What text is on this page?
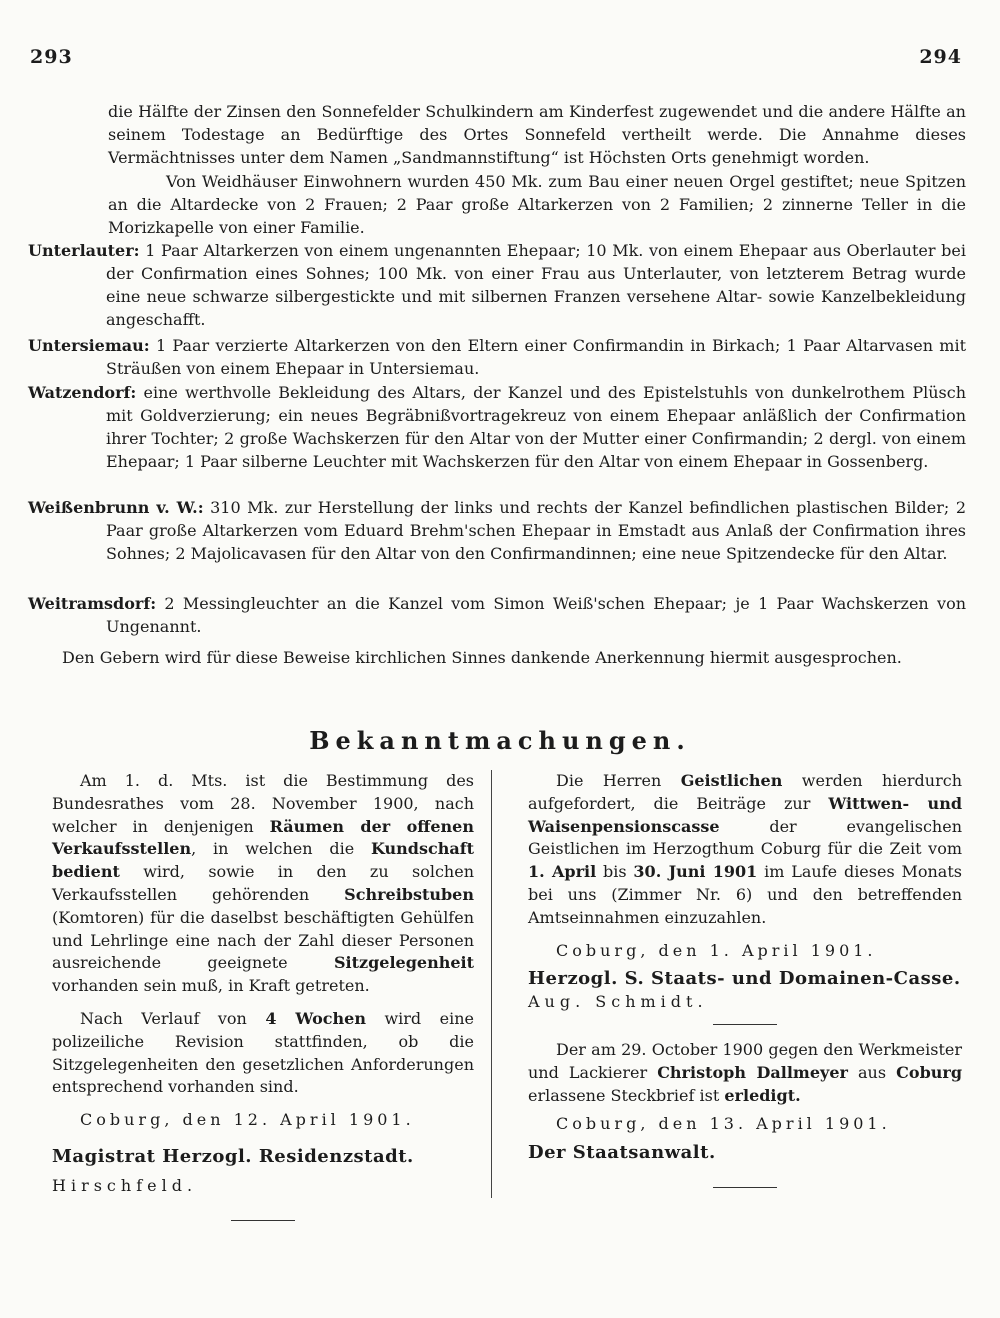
293	294

die Hälfte der Zinsen den Sonnefelder Schulkindern am Kinderfest zugewendet und die andere Hälfte an seinem Todestage an Bedürftige des Ortes Sonnefeld vertheilt werde. Die Annahme dieses Vermächtnisses unter dem Namen „Sandmannstiftung“ ist Höchsten Orts genehmigt worden.

Von Weidhäuser Einwohnern wurden 450 Mk. zum Bau einer neuen Orgel gestiftet; neue Spitzen an die Altardecke von 2 Frauen; 2 Paar große Altarkerzen von 2 Familien; 2 zinnerne Teller in die Morizkapelle von einer Familie.

Unterlauter: 1 Paar Altarkerzen von einem ungenannten Ehepaar; 10 Mk. von einem Ehepaar aus Oberlauter bei der Confirmation eines Sohnes; 100 Mk. von einer Frau aus Unterlauter, von letzterem Betrag wurde eine neue schwarze silbergestickte und mit silbernen Franzen versehene Altar- sowie Kanzelbekleidung angeschafft.

Untersiemau: 1 Paar verzierte Altarkerzen von den Eltern einer Confirmandin in Birkach; 1 Paar Altarvasen mit Sträußen von einem Ehepaar in Untersiemau.

Watzendorf: eine werthvolle Bekleidung des Altars, der Kanzel und des Epistelstuhls von dunkelrothem Plüsch mit Goldverzierung; ein neues Begräbnißvortragekreuz von einem Ehepaar anläßlich der Confirmation ihrer Tochter; 2 große Wachskerzen für den Altar von der Mutter einer Confirmandin; 2 dergl. von einem Ehepaar; 1 Paar silberne Leuchter mit Wachskerzen für den Altar von einem Ehepaar in Gossenberg.

Weißenbrunn v. W.: 310 Mk. zur Herstellung der links und rechts der Kanzel befindlichen plastischen Bilder; 2 Paar große Altarkerzen vom Eduard Brehm'schen Ehepaar in Emstadt aus Anlaß der Confirmation ihres Sohnes; 2 Majolicavasen für den Altar von den Confirmandinnen; eine neue Spitzendecke für den Altar.

Weitramsdorf: 2 Messingleuchter an die Kanzel vom Simon Weiß'schen Ehepaar; je 1 Paar Wachskerzen von Ungenannt.

Den Gebern wird für diese Beweise kirchlichen Sinnes dankende Anerkennung hiermit ausgesprochen.

Bekanntmachungen.

Am 1. d. Mts. ist die Bestimmung des Bundesrathes vom 28. November 1900, nach welcher in denjenigen Räumen der offenen Verkaufsstellen, in welchen die Kundschaft bedient wird, sowie in den zu solchen Verkaufsstellen gehörenden Schreibstuben (Komtoren) für die daselbst beschäftigten Gehülfen und Lehrlinge eine nach der Zahl dieser Personen ausreichende geeignete Sitzgelegenheit vorhanden sein muß, in Kraft getreten.

Nach Verlauf von 4 Wochen wird eine polizeiliche Revision stattfinden, ob die Sitzgelegenheiten den gesetzlichen Anforderungen entsprechend vorhanden sind.

Coburg, den 12. April 1901.

Magistrat Herzogl. Residenzstadt.

Hirschfeld.

Die Herren Geistlichen werden hierdurch aufgefordert, die Beiträge zur Wittwen- und Waisenpensionscasse der evangelischen Geistlichen im Herzogthum Coburg für die Zeit vom 1. April bis 30. Juni 1901 im Laufe dieses Monats bei uns (Zimmer Nr. 6) und den betreffenden Amtseinnahmen einzuzahlen.

Coburg, den 1. April 1901.

Herzogl. S. Staats- und Domainen-Casse.

Aug. Schmidt.

Der am 29. October 1900 gegen den Werkmeister und Lackierer Christoph Dallmeyer aus Coburg erlassene Steckbrief ist erledigt.

Coburg, den 13. April 1901.

Der Staatsanwalt.
